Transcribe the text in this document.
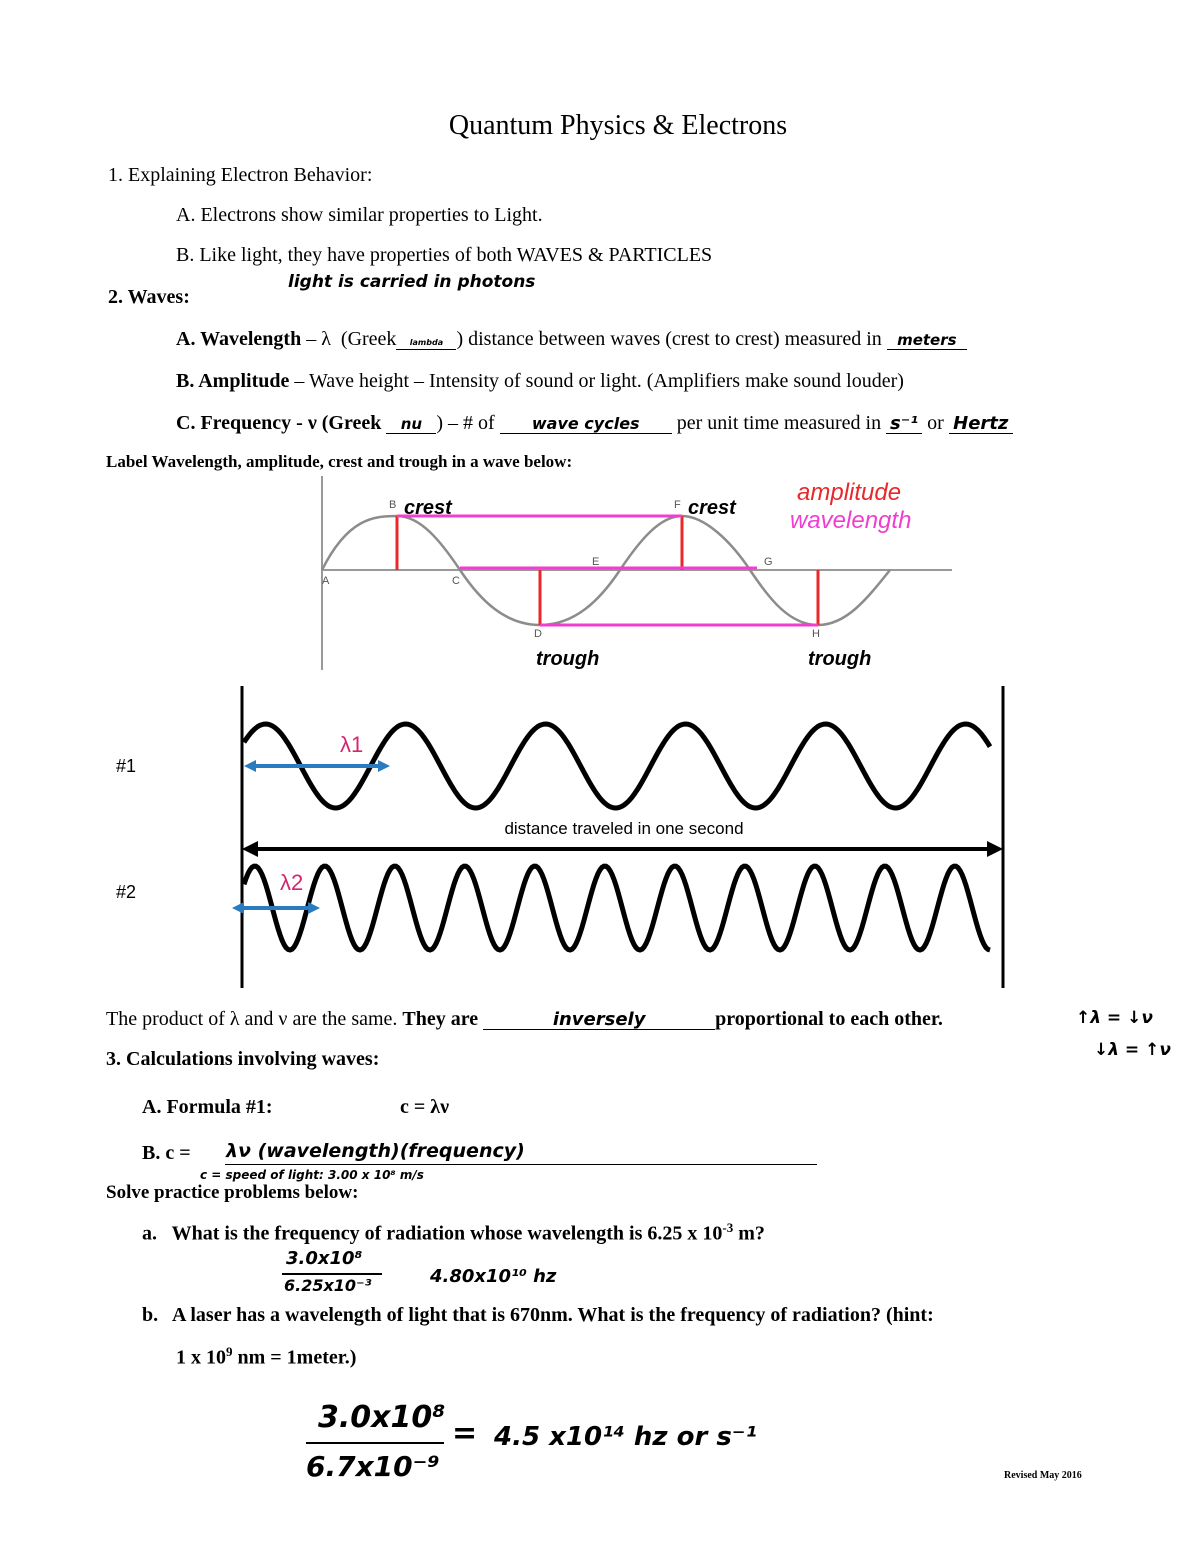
Quantum Physics & Electrons
1. Explaining Electron Behavior:
A. Electrons show similar properties to Light.
B. Like light, they have properties of both WAVES & PARTICLES
2. Waves:
light is carried in photons
A. Wavelength – λ (Greek lambda ) distance between waves (crest to crest) measured in meters
B. Amplitude – Wave height – Intensity of sound or light. (Amplifiers make sound louder)
C. Frequency - ν (Greek nu ) – # of wave cycles per unit time measured in s⁻¹ or Hertz
Label Wavelength, amplitude, crest and trough in a wave below:
A
B
C
D
E
F
G
H
crest	crest
trough	trough
amplitude
wavelength
#1
#2
distance traveled in one second
λ1
λ2
The product of λ and ν are the same. They are	inversely	proportional to each other.	↑λ = ↓ν
↓λ = ↑ν
3. Calculations involving waves:
A. Formula #1:	c = λν
B. c = λν (wavelength)(frequency)
c = speed of light: 3.00 x 10⁸ m/s
Solve practice problems below:
a. What is the frequency of radiation whose wavelength is 6.25 x $10^{-3}$ m?
3.0x10⁸
6.25x10⁻³	4.80x10¹⁰ hz
b. A laser has a wavelength of light that is 670nm. What is the frequency of radiation? (hint:
1 x $10^9$ nm = 1meter.)
3.0x10⁸
6.7x10⁻⁹
= 4.5 x10¹⁴ hz or s⁻¹
Revised May 2016
